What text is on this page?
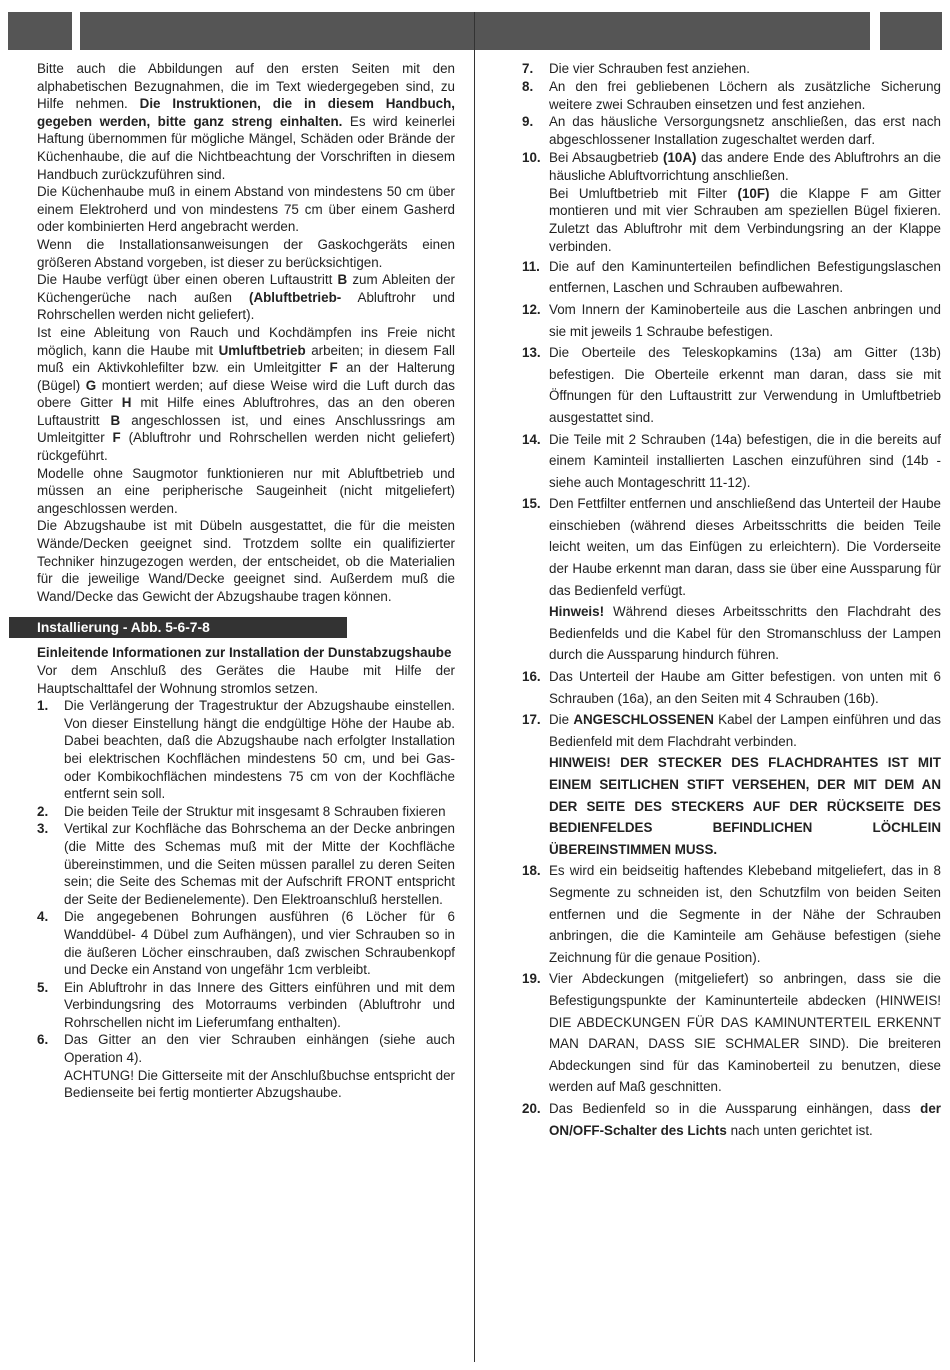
Bitte auch die Abbildungen auf den ersten Seiten mit den alphabetischen Bezugnahmen, die im Text wiedergegeben sind, zu Hilfe nehmen. Die Instruktionen, die in diesem Handbuch, gegeben werden, bitte ganz streng einhalten. Es wird keinerlei Haftung übernommen für mögliche Mängel, Schäden oder Brände der Küchenhaube, die auf die Nichtbeachtung der Vorschriften in diesem Handbuch zurückzuführen sind.

Die Küchenhaube muß in einem Abstand von mindestens 50 cm über einem Elektroherd und von mindestens 75 cm über einem Gasherd oder kombinierten Herd angebracht werden.

Wenn die Installationsanweisungen der Gaskochgeräts einen größeren Abstand vorgeben, ist dieser zu berücksichtigen.

Die Haube verfügt über einen oberen Luftaustritt B zum Ableiten der Küchengerüche nach außen (Abluftbetrieb- Abluftrohr und Rohrschellen werden nicht geliefert).

Ist eine Ableitung von Rauch und Kochdämpfen ins Freie nicht möglich, kann die Haube mit Umluftbetrieb arbeiten; in diesem Fall muß ein Aktivkohlefilter bzw. ein Umleitgitter F an der Halterung (Bügel) G montiert werden; auf diese Weise wird die Luft durch das obere Gitter H mit Hilfe eines Abluftrohres, das an den oberen Luftaustritt B angeschlossen ist, und eines Anschlussrings am Umleitgitter F (Abluftrohr und Rohrschellen werden nicht geliefert) rückgeführt.

Modelle ohne Saugmotor funktionieren nur mit Abluftbetrieb und müssen an eine peripherische Saugeinheit (nicht mitgeliefert) angeschlossen werden.

Die Abzugshaube ist mit Dübeln ausgestattet, die für die meisten Wände/Decken geeignet sind. Trotzdem sollte ein qualifizierter Techniker hinzugezogen werden, der entscheidet, ob die Materialien für die jeweilige Wand/Decke geeignet sind. Außerdem muß die Wand/Decke das Gewicht der Abzugshaube tragen können.

Installierung - Abb. 5-6-7-8

Einleitende Informationen zur Installation der Dunstabzugshaube

Vor dem Anschluß des Gerätes die Haube mit Hilfe der Hauptschalttafel der Wohnung stromlos setzen.

1. Die Verlängerung der Tragestruktur der Abzugshaube einstellen. Von dieser Einstellung hängt die endgültige Höhe der Haube ab. Dabei beachten, daß die Abzugshaube nach erfolgter Installation bei elektrischen Kochflächen mindestens 50 cm, und bei Gas- oder Kombikochflächen mindestens 75 cm von der Kochfläche entfernt sein soll.
2. Die beiden Teile der Struktur mit insgesamt 8 Schrauben fixieren
3. Vertikal zur Kochfläche das Bohrschema an der Decke anbringen (die Mitte des Schemas muß mit der Mitte der Kochfläche übereinstimmen, und die Seiten müssen parallel zu deren Seiten sein; die Seite des Schemas mit der Aufschrift FRONT entspricht der Seite der Bedienelemente). Den Elektroanschluß herstellen.
4. Die angegebenen Bohrungen ausführen (6 Löcher für 6 Wanddübel- 4 Dübel zum Aufhängen), und vier Schrauben so in die äußeren Löcher einschrauben, daß zwischen Schraubenkopf und Decke ein Anstand von ungefähr 1cm verbleibt.
5. Ein Abluftrohr in das Innere des Gitters einführen und mit dem Verbindungsring des Motorraums verbinden (Abluftrohr und Rohrschellen nicht im Lieferumfang enthalten).
6. Das Gitter an den vier Schrauben einhängen (siehe auch Operation 4).
ACHTUNG! Die Gitterseite mit der Anschlußbuchse entspricht der Bedienseite bei fertig montierter Abzugshaube.
7. Die vier Schrauben fest anziehen.
8. An den frei gebliebenen Löchern als zusätzliche Sicherung weitere zwei Schrauben einsetzen und fest anziehen.
9. An das häusliche Versorgungsnetz anschließen, das erst nach abgeschlossener Installation zugeschaltet werden darf.
10. Bei Absaugbetrieb (10A) das andere Ende des Abluftrohrs an die häusliche Abluftvorrichtung anschließen.
Bei Umluftbetrieb mit Filter (10F) die Klappe F am Gitter montieren und mit vier Schrauben am speziellen Bügel fixieren. Zuletzt das Abluftrohr mit dem Verbindungsring an der Klappe verbinden.
11. Die auf den Kaminunterteilen befindlichen Befestigungslaschen entfernen, Laschen und Schrauben aufbewahren.
12. Vom Innern der Kaminoberteile aus die Laschen anbringen und sie mit jeweils 1 Schraube befestigen.
13. Die Oberteile des Teleskopkamins (13a) am Gitter (13b) befestigen. Die Oberteile erkennt man daran, dass sie mit Öffnungen für den Luftaustritt zur Verwendung in Umluftbetrieb ausgestattet sind.
14. Die Teile mit 2 Schrauben (14a) befestigen, die in die bereits auf einem Kaminteil installierten Laschen einzuführen sind (14b - siehe auch Montageschritt 11-12).
15. Den Fettfilter entfernen und anschließend das Unterteil der Haube einschieben (während dieses Arbeitsschritts die beiden Teile leicht weiten, um das Einfügen zu erleichtern). Die Vorderseite der Haube erkennt man daran, dass sie über eine Aussparung für das Bedienfeld verfügt.
Hinweis! Während dieses Arbeitsschritts den Flachdraht des Bedienfelds und die Kabel für den Stromanschluss der Lampen durch die Aussparung hindurch führen.
16. Das Unterteil der Haube am Gitter befestigen. von unten mit 6 Schrauben (16a), an den Seiten mit 4 Schrauben (16b).
17. Die ANGESCHLOSSENEN Kabel der Lampen einführen und das Bedienfeld mit dem Flachdraht verbinden.
HINWEIS! DER STECKER DES FLACHDRAHTES IST MIT EINEM SEITLICHEN STIFT VERSEHEN, DER MIT DEM AN DER SEITE DES STECKERS AUF DER RÜCKSEITE DES BEDIENFELDES BEFINDLICHEN LÖCHLEIN ÜBEREINSTIMMEN MUSS.
18. Es wird ein beidseitig haftendes Klebeband mitgeliefert, das in 8 Segmente zu schneiden ist, den Schutzfilm von beiden Seiten entfernen und die Segmente in der Nähe der Schrauben anbringen, die die Kaminteile am Gehäuse befestigen (siehe Zeichnung für die genaue Position).
19. Vier Abdeckungen (mitgeliefert) so anbringen, dass sie die Befestigungspunkte der Kaminunterteile abdecken (HINWEIS! DIE ABDECKUNGEN FÜR DAS KAMINUNTERTEIL ERKENNT MAN DARAN, DASS SIE SCHMALER SIND). Die breiteren Abdeckungen sind für das Kaminoberteil zu benutzen, diese werden auf Maß geschnitten.
20. Das Bedienfeld so in die Aussparung einhängen, dass der ON/OFF-Schalter des Lichts nach unten gerichtet ist.
